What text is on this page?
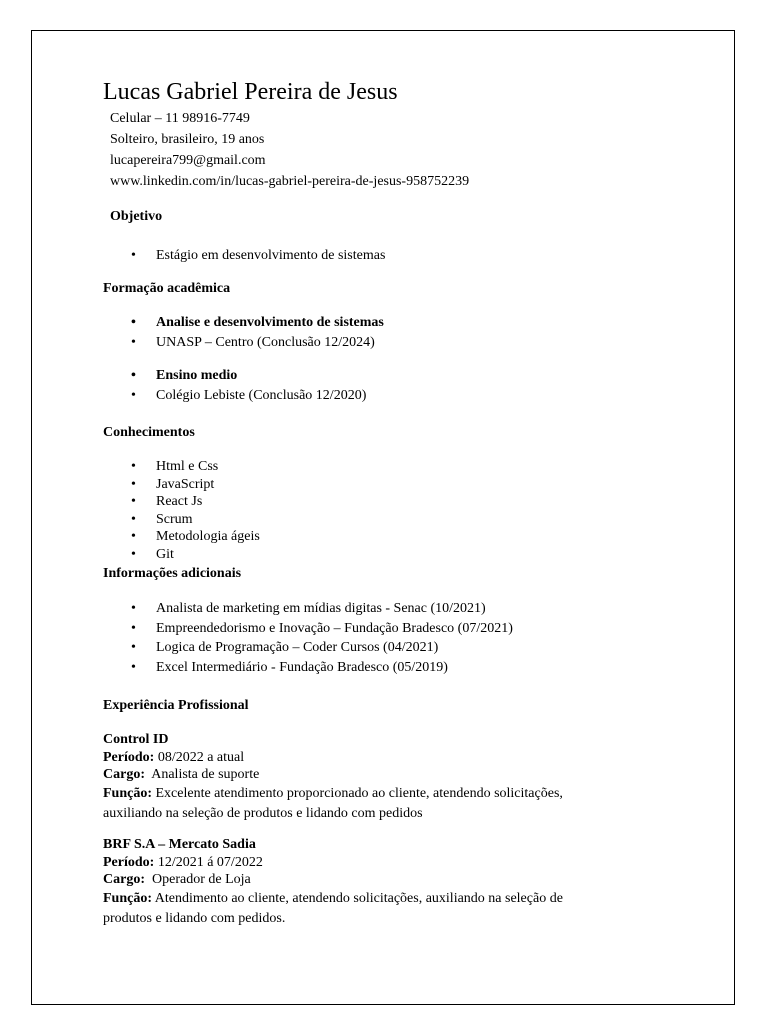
Lucas Gabriel Pereira de Jesus
Celular – 11 98916-7749
Solteiro, brasileiro, 19 anos
lucapereira799@gmail.com
www.linkedin.com/in/lucas-gabriel-pereira-de-jesus-958752239
Objetivo
• Estágio em desenvolvimento de sistemas
Formação acadêmica
• Analise e desenvolvimento de sistemas
• UNASP – Centro (Conclusão 12/2024)
• Ensino medio
• Colégio Lebiste (Conclusão 12/2020)
Conhecimentos
• Html e Css
• JavaScript
• React Js
• Scrum
• Metodologia ágeis
• Git
Informações adicionais
• Analista de marketing em mídias digitas - Senac (10/2021)
• Empreendedorismo e Inovação – Fundação Bradesco (07/2021)
• Logica de Programação – Coder Cursos (04/2021)
• Excel Intermediário - Fundação Bradesco (05/2019)
Experiência Profissional
Control ID
Período: 08/2022 a atual
Cargo: Analista de suporte
Função: Excelente atendimento proporcionado ao cliente, atendendo solicitações, auxiliando na seleção de produtos e lidando com pedidos
BRF S.A – Mercato Sadia
Período: 12/2021 á 07/2022
Cargo: Operador de Loja
Função: Atendimento ao cliente, atendendo solicitações, auxiliando na seleção de produtos e lidando com pedidos.
